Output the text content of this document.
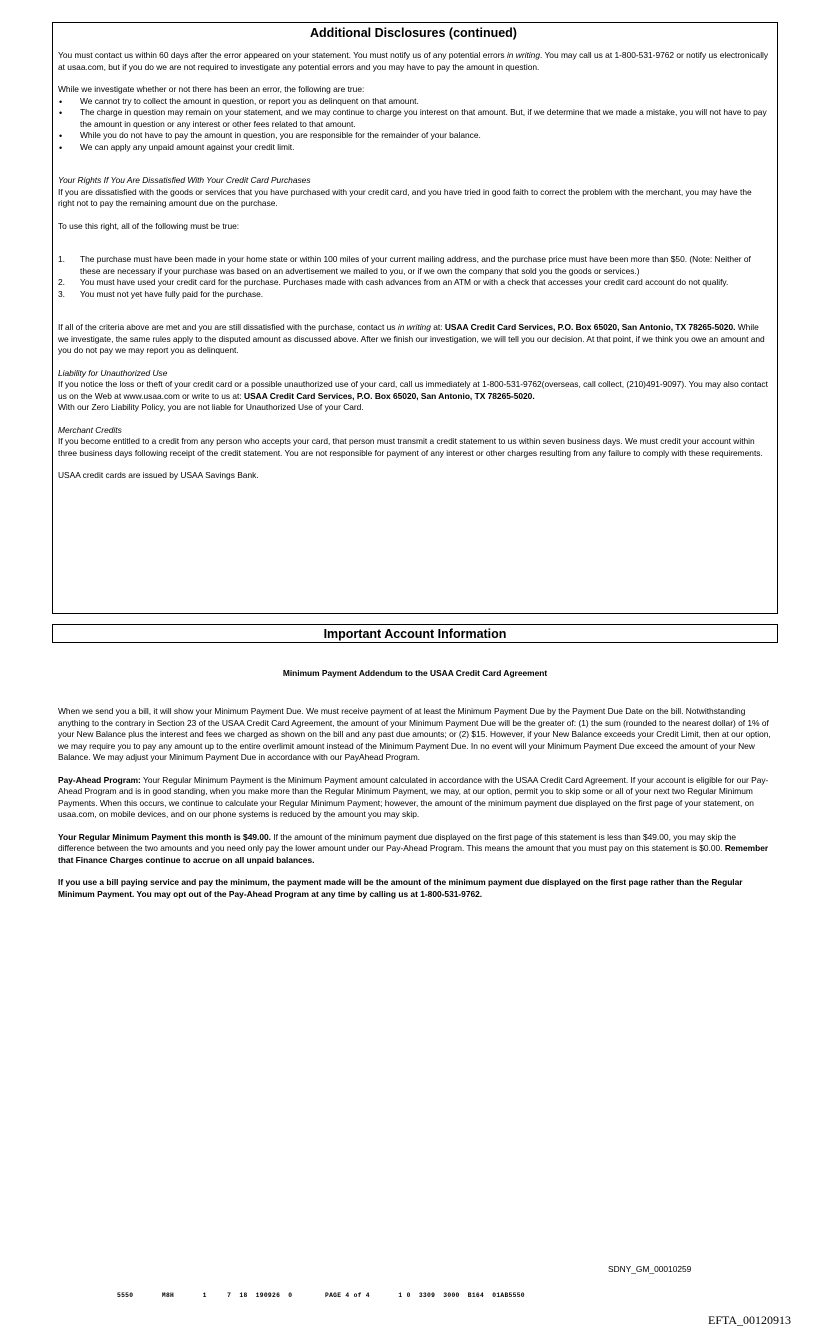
Additional Disclosures (continued)

You must contact us within 60 days after the error appeared on your statement. You must notify us of any potential errors in writing. You may call us at 1-800-531-9762 or notify us electronically at usaa.com, but if you do we are not required to investigate any potential errors and you may have to pay the amount in question.

While we investigate whether or not there has been an error, the following are true:

• We cannot try to collect the amount in question, or report you as delinquent on that amount.
• The charge in question may remain on your statement, and we may continue to charge you interest on that amount. But, if we determine that we made a mistake, you will not have to pay the amount in question or any interest or other fees related to that amount.
• While you do not have to pay the amount in question, you are responsible for the remainder of your balance.
• We can apply any unpaid amount against your credit limit.

Your Rights If You Are Dissatisfied With Your Credit Card Purchases

If you are dissatisfied with the goods or services that you have purchased with your credit card, and you have tried in good faith to correct the problem with the merchant, you may have the right not to pay the remaining amount due on the purchase.

To use this right, all of the following must be true:

1. The purchase must have been made in your home state or within 100 miles of your current mailing address, and the purchase price must have been more than $50. (Note: Neither of these are necessary if your purchase was based on an advertisement we mailed to you, or if we own the company that sold you the goods or services.)
2. You must have used your credit card for the purchase. Purchases made with cash advances from an ATM or with a check that accesses your credit card account do not qualify.
3. You must not yet have fully paid for the purchase.

If all of the criteria above are met and you are still dissatisfied with the purchase, contact us in writing at: USAA Credit Card Services, P.O. Box 65020, San Antonio, TX 78265-5020. While we investigate, the same rules apply to the disputed amount as discussed above. After we finish our investigation, we will tell you our decision. At that point, if we think you owe an amount and you do not pay we may report you as delinquent.

Liability for Unauthorized Use

If you notice the loss or theft of your credit card or a possible unauthorized use of your card, call us immediately at 1-800-531-9762(overseas, call collect, (210)491-9097). You may also contact us on the Web at www.usaa.com or write to us at: USAA Credit Card Services, P.O. Box 65020, San Antonio, TX 78265-5020.

With our Zero Liability Policy, you are not liable for Unauthorized Use of your Card.

Merchant Credits

If you become entitled to a credit from any person who accepts your card, that person must transmit a credit statement to us within seven business days. We must credit your account within three business days following receipt of the credit statement. You are not responsible for payment of any interest or other charges resulting from any failure to comply with these requirements.

USAA credit cards are issued by USAA Savings Bank.

Important Account Information
Minimum Payment Addendum to the USAA Credit Card Agreement

When we send you a bill, it will show your Minimum Payment Due. We must receive payment of at least the Minimum Payment Due by the Payment Due Date on the bill. Notwithstanding anything to the contrary in Section 23 of the USAA Credit Card Agreement, the amount of your Minimum Payment Due will be the greater of: (1) the sum (rounded to the nearest dollar) of 1% of your New Balance plus the interest and fees we charged as shown on the bill and any past due amounts; or (2) $15. However, if your New Balance exceeds your Credit Limit, then at our option, we may require you to pay any amount up to the entire overlimit amount instead of the Minimum Payment Due. In no event will your Minimum Payment Due exceed the amount of your New Balance. We may adjust your Minimum Payment Due in accordance with our PayAhead Program.

Pay-Ahead Program: Your Regular Minimum Payment is the Minimum Payment amount calculated in accordance with the USAA Credit Card Agreement. If your account is eligible for our Pay-Ahead Program and is in good standing, when you make more than the Regular Minimum Payment, we may, at our option, permit you to skip some or all of your next two Regular Minimum Payments. When this occurs, we continue to calculate your Regular Minimum Payment; however, the amount of the minimum payment due displayed on the first page of your statement, on usaa.com, on mobile devices, and on our phone systems is reduced by the amount you may skip.

Your Regular Minimum Payment this month is $49.00. If the amount of the minimum payment due displayed on the first page of this statement is less than $49.00, you may skip the difference between the two amounts and you need only pay the lower amount under our Pay-Ahead Program. This means the amount that you must pay on this statement is $0.00. Remember that Finance Charges continue to accrue on all unpaid balances.

If you use a bill paying service and pay the minimum, the payment made will be the amount of the minimum payment due displayed on the first page rather than the Regular Minimum Payment. You may opt out of the Pay-Ahead Program at any time by calling us at 1-800-531-9762.

SDNY_GM_00010259
5550       M8H       1     7  18  190926  0        PAGE 4 of 4       1 0  3309  3000  B164  01AB5550
EFTA_00120913
